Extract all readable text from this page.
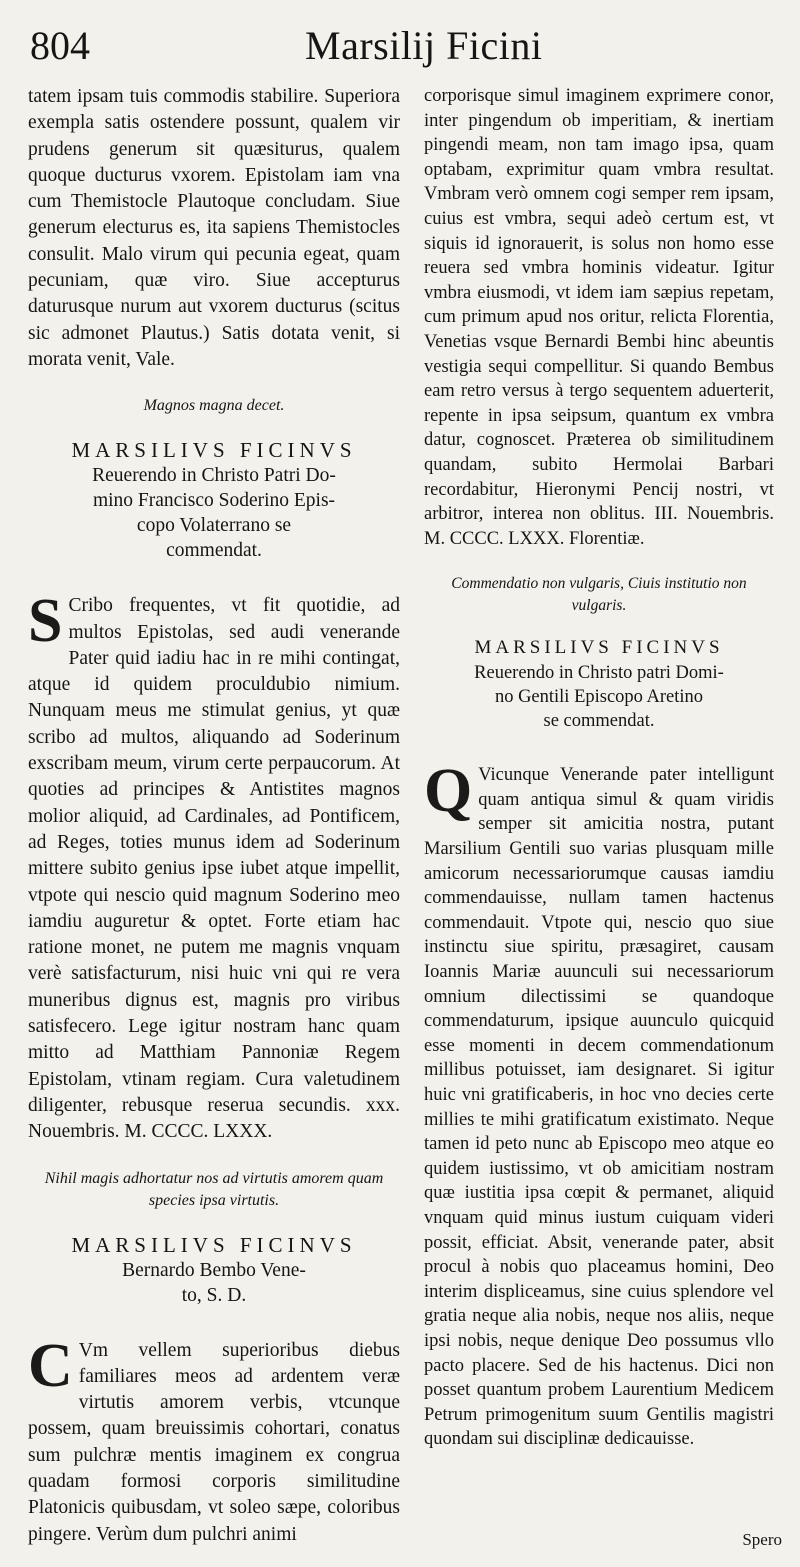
804	Marsilij Ficini

tatem ipsam tuis commodis stabilire. Superiora exempla satis ostendere possunt, qualem vir prudens generum sit quæsiturus, qualem quoque ducturus vxorem. Epistolam iam vna cum Themistocle Plautoque concludam. Siue generum electurus es, ita sapiens Themistocles consulit. Malo virum qui pecunia egeat, quam pecuniam, quæ viro. Siue accepturus daturusque nurum aut vxorem ducturus (scitus sic admonet Plautus.) Satis dotata venit, si morata venit, Vale.

Magnos magna decet.

MARSILIVS FICINVS

Reuerendo in Christo Patri Do-

mino Francisco Soderino Epis-

copo Volaterrano se

commendat.

S Cribo frequentes, vt fit quotidie, ad multos Epistolas, sed audi venerande Pater quid iadiu hac in re mihi contingat, atque id quidem proculdubio nimium. Nunquam meus me stimulat genius, yt quæ scribo ad multos, aliquando ad Soderinum exscribam meum, virum certe perpaucorum. At quoties ad principes & Antistites magnos molior aliquid, ad Cardinales, ad Pontificem, ad Reges, toties munus idem ad Soderinum mittere subito genius ipse iubet atque impellit, vtpote qui nescio quid magnum Soderino meo iamdiu auguretur & optet. Forte etiam hac ratione monet, ne putem me magnis vnquam verè satisfacturum, nisi huic vni qui re vera muneribus dignus est, magnis pro viribus satisfecero. Lege igitur nostram hanc quam mitto ad Matthiam Pannoniæ Regem Epistolam, vtinam regiam. Cura valetudinem diligenter, rebusque reserua secundis. xxx. Nouembris. M. CCCC. LXXX.

Nihil magis adhortatur nos ad virtutis amorem quam species ipsa virtutis.

MARSILIVS FICINVS

Bernardo Bembo Vene-

to, S. D.

C Vm vellem superioribus diebus familiares meos ad ardentem veræ virtutis amorem verbis, vtcunque possem, quam breuissimis cohortari, conatus sum pulchræ mentis imaginem ex congrua quadam formosi corporis similitudine Platonicis quibusdam, vt soleo sæpe, coloribus pingere. Verùm dum pulchri animi

corporisque simul imaginem exprimere conor, inter pingendum ob imperitiam, & inertiam pingendi meam, non tam imago ipsa, quam optabam, exprimitur quam vmbra resultat. Vmbram verò omnem cogi semper rem ipsam, cuius est vmbra, sequi adeò certum est, vt siquis id ignorauerit, is solus non homo esse reuera sed vmbra hominis videatur. Igitur vmbra eiusmodi, vt idem iam sæpius repetam, cum primum apud nos oritur, relicta Florentia, Venetias vsque Bernardi Bembi hinc abeuntis vestigia sequi compellitur. Si quando Bembus eam retro versus à tergo sequentem aduerterit, repente in ipsa seipsum, quantum ex vmbra datur, cognoscet. Præterea ob similitudinem quandam, subito Hermolai Barbari recordabitur, Hieronymi Pencij nostri, vt arbitror, interea non oblitus. III. Nouembris. M. CCCC. LXXX. Florentiæ.

Commendatio non vulgaris, Ciuis institutio non vulgaris.

MARSILIVS FICINVS

Reuerendo in Christo patri Domi-

no Gentili Episcopo Aretino

se commendat.

Q Vicunque Venerande pater intelligunt quam antiqua simul & quam viridis semper sit amicitia nostra, putant Marsilium Gentili suo varias plusquam mille amicorum necessariorumque causas iamdiu commendauisse, nullam tamen hactenus commendauit. Vtpote qui, nescio quo siue instinctu siue spiritu, præsagiret, causam Ioannis Mariæ auunculi sui necessariorum omnium dilectissimi se quandoque commendaturum, ipsique auunculo quicquid esse momenti in decem commendationum millibus potuisset, iam designaret. Si igitur huic vni gratificaberis, in hoc vno decies certe millies te mihi gratificatum existimato. Neque tamen id peto nunc ab Episcopo meo atque eo quidem iustissimo, vt ob amicitiam nostram quæ iustitia ipsa cœpit & permanet, aliquid vnquam quid minus iustum cuiquam videri possit, efficiat. Absit, venerande pater, absit procul à nobis quo placeamus homini, Deo interim displiceamus, sine cuius splendore vel gratia neque alia nobis, neque nos aliis, neque ipsi nobis, neque denique Deo possumus vllo pacto placere. Sed de his hactenus. Dici non posset quantum probem Laurentium Medicem Petrum primogenitum suum Gentilis magistri quondam sui disciplinæ dedicauisse.

Spero
